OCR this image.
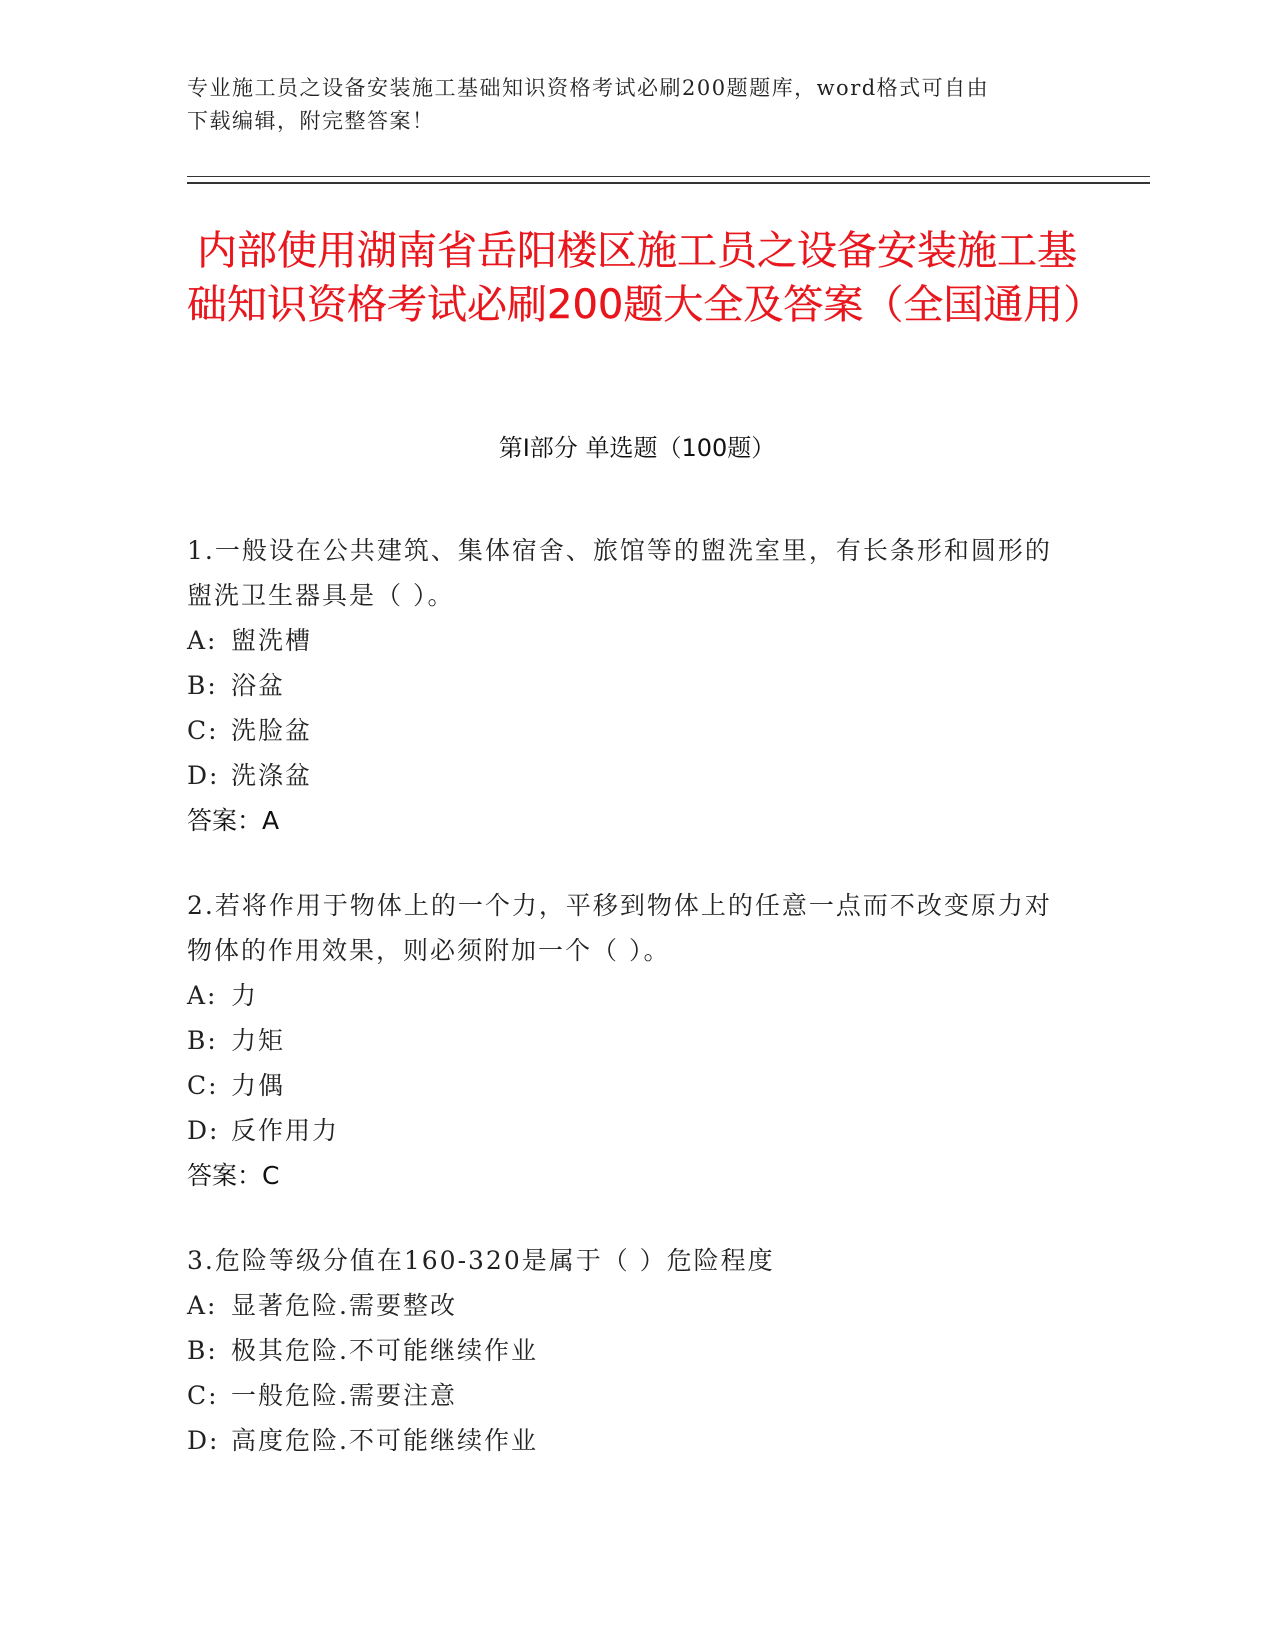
专业施工员之设备安装施工基础知识资格考试必刷200题题库，word格式可自由
下载编辑，附完整答案！
内部使用湖南省岳阳楼区施工员之设备安装施工基础知识资格考试必刷200题大全及答案（全国通用）
第Ⅰ部分 单选题（100题）

1.一般设在公共建筑、集体宿舍、旅馆等的盥洗室里，有长条形和圆形的盥洗卫生器具是（ ）。

A: 盥洗槽
B: 浴盆
C: 洗脸盆
D: 洗涤盆

答案：A

2.若将作用于物体上的一个力，平移到物体上的任意一点而不改变原力对物体的作用效果，则必须附加一个（ ）。

A: 力
B: 力矩
C: 力偶
D: 反作用力

答案：C

3.危险等级分值在160-320是属于（ ）危险程度

A: 显著危险.需要整改
B: 极其危险.不可能继续作业
C: 一般危险.需要注意
D: 高度危险.不可能继续作业
